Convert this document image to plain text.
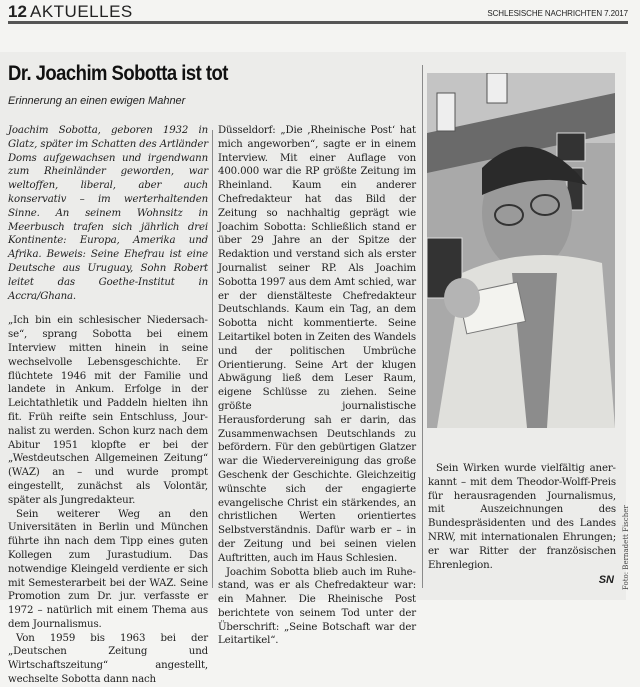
12 AKTUELLES	SCHLESISCHE NACHRICHTEN 7.2017
Dr. Joachim Sobotta ist tot
Erinnerung an einen ewigen Mahner

Joachim Sobotta, geboren 1932 in Glatz, später im Schatten des Artländer Doms aufgewachsen und irgendwann zum Rheinländer geworden, war weltoffen, liberal, aber auch konservativ – im werterhaltenden Sinne. An seinem Wohnsitz in Meerbusch trafen sich jährlich drei Kontinente: Europa, Amerika und Afrika. Beweis: Seine Ehefrau ist eine Deutsche aus Uruguay, Sohn Robert leitet das Goethe-Institut in Accra/Ghana.

„Ich bin ein schlesischer Niedersachse“, sprang Sobotta bei einem Interview mitten hinein in seine wechselvolle Lebensgeschichte. Er flüchtete 1946 mit der Familie und landete in Ankum. Erfolge in der Leichtathletik und Paddeln hielten ihn fit. Früh reifte sein Entschluss, Journalist zu werden. Schon kurz nach dem Abitur 1951 klopfte er bei der „Westdeutschen Allgemeinen Zeitung“ (WAZ) an – und wurde prompt eingestellt, zunächst als Volontär, später als Jungredakteur.

Sein weiterer Weg an den Universitäten in Berlin und München führte ihn nach dem Tipp eines guten Kollegen zum Jurastudium. Das notwendige Kleingeld verdiente er sich mit Semesterarbeit bei der WAZ. Seine Promotion zum Dr. jur. verfasste er 1972 – natürlich mit einem Thema aus dem Journalismus.

Von 1959 bis 1963 bei der „Deutschen Zeitung und Wirtschaftszeitung“ angestellt, wechselte Sobotta dann nach

Düsseldorf: „Die ‚Rheinische Post‘ hat mich angeworben“, sagte er in einem Interview. Mit einer Auflage von 400.000 war die RP größte Zeitung im Rheinland. Kaum ein anderer Chefredakteur hat das Bild der Zeitung so nachhaltig geprägt wie Joachim Sobotta: Schließlich stand er über 29 Jahre an der Spitze der Redaktion und verstand sich als erster Journalist seiner RP. Als Joachim Sobotta 1997 aus dem Amt schied, war er der dienstälteste Chefredakteur Deutschlands. Kaum ein Tag, an dem Sobotta nicht kommentierte. Seine Leitartikel boten in Zeiten des Wandels und der politischen Umbrüche Orientierung. Seine Art der klugen Abwägung ließ dem Leser Raum, eigene Schlüsse zu ziehen. Seine größte journalistische Herausforderung sah er darin, das Zusammenwachsen Deutschlands zu befördern. Für den gebürtigen Glatzer war die Wiedervereinigung das große Geschenk der Geschichte. Gleichzeitig wünschte sich der engagierte evangelische Christ ein stärkendes, an christlichen Werten orientiertes Selbstverständnis. Dafür warb er – in der Zeitung und bei seinen vielen Auftritten, auch im Haus Schlesien.

Joachim Sobotta blieb auch im Ruhestand, was er als Chefredakteur war: ein Mahner. Die Rheinische Post berichtete von seinem Tod unter der Überschrift: „Seine Botschaft war der Leitartikel“.

Sein Wirken wurde vielfältig anerkannt – mit dem Theodor-Wolff-Preis für herausragenden Journalismus, mit Auszeichnungen des Bundespräsidenten und des Landes NRW, mit internationalen Ehrungen; er war Ritter der französischen Ehrenlegion.

SN Foto: Bernadett Fischer
